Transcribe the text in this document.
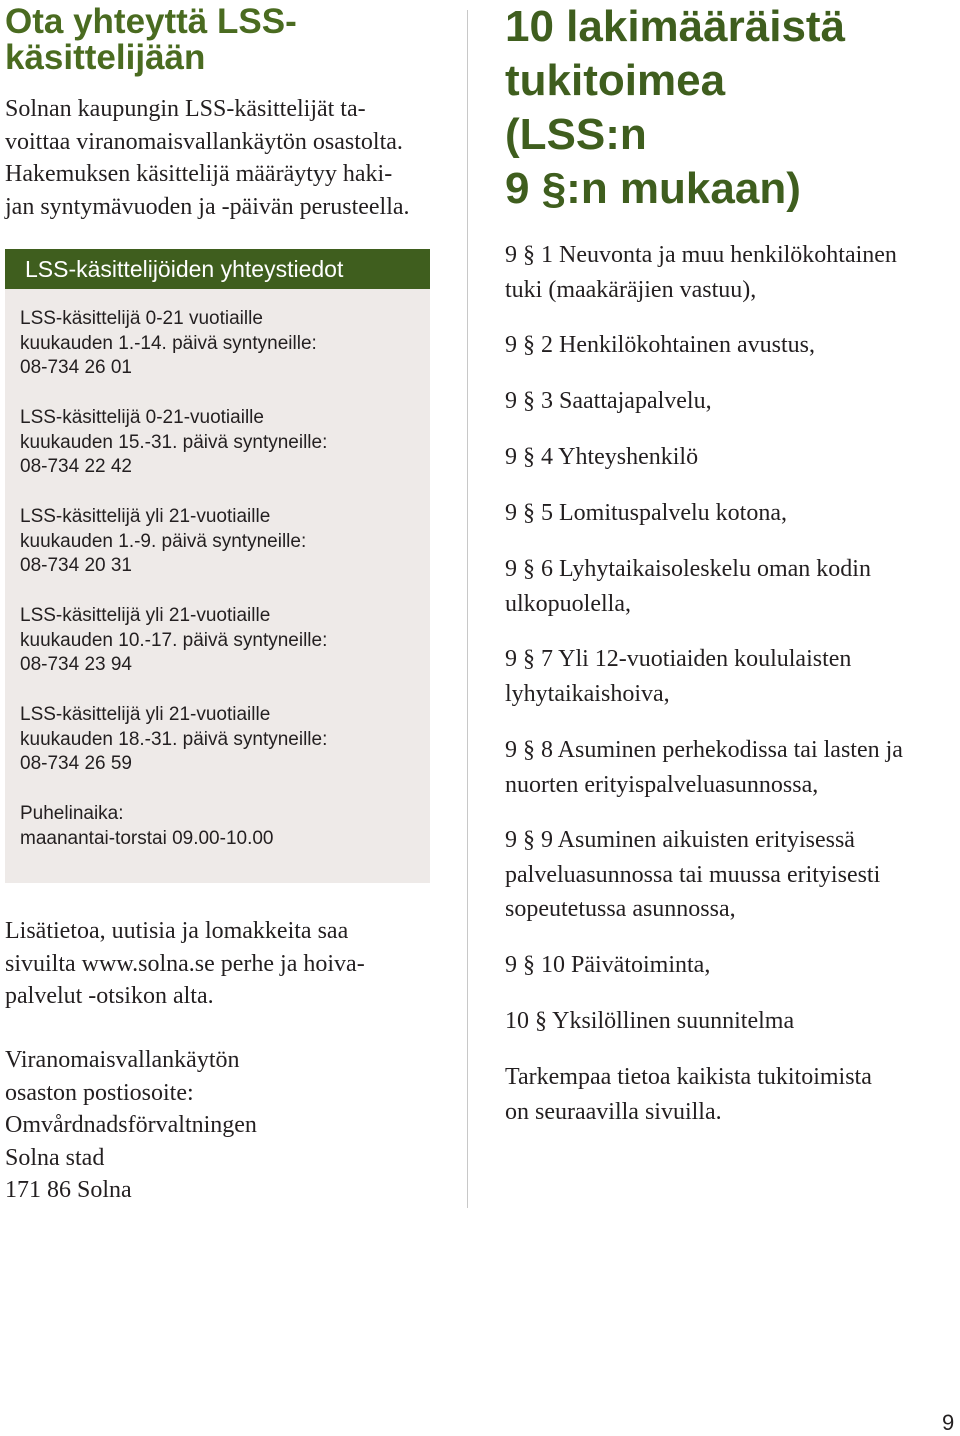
Ota yhteyttä LSS-
käsittelijään

Solnan kaupungin LSS-käsittelijät ta-
voittaa viranomaisvallankäytön osastolta.
Hakemuksen käsittelijä määräytyy haki-
jan syntymävuoden ja -päivän perusteella.

LSS-käsittelijöiden yhteystiedot
LSS-käsittelijä 0-21 vuotiaille
kuukauden 1.-14. päivä syntyneille:
08-734 26 01
LSS-käsittelijä 0-21-vuotiaille
kuukauden 15.-31. päivä syntyneille:
08-734 22 42
LSS-käsittelijä yli 21-vuotiaille
kuukauden 1.-9. päivä syntyneille:
08-734 20 31
LSS-käsittelijä yli 21-vuotiaille
kuukauden 10.-17. päivä syntyneille:
08-734 23 94
LSS-käsittelijä yli 21-vuotiaille
kuukauden 18.-31. päivä syntyneille:
08-734 26 59
Puhelinaika:
maanantai-torstai 09.00-10.00

Lisätietoa, uutisia ja lomakkeita saa
sivuilta www.solna.se perhe ja hoiva-
palvelut -otsikon alta.

Viranomaisvallankäytön
osaston postiosoite:
Omvårdnadsförvaltningen
Solna stad
171 86 Solna

10 lakimääräistä
tukitoimea
(LSS:n
9 §:n mukaan)
9 § 1 Neuvonta ja muu henkilökohtainen
tuki (maakäräjien vastuu),
9 § 2 Henkilökohtainen avustus,
9 § 3 Saattajapalvelu,
9 § 4 Yhteyshenkilö
9 § 5 Lomituspalvelu kotona,
9 § 6 Lyhytaikaisoleskelu oman kodin
ulkopuolella,
9 § 7 Yli 12-vuotiaiden koululaisten
lyhytaikaishoiva,
9 § 8 Asuminen perhekodissa tai lasten ja
nuorten erityispalveluasunnossa,
9 § 9 Asuminen aikuisten erityisessä
palveluasunnossa tai muussa erityisesti
sopeutetussa asunnossa,
9 § 10 Päivätoiminta,
10 § Yksilöllinen suunnitelma
Tarkempaa tietoa kaikista tukitoimista
on seuraavilla sivuilla.
9
